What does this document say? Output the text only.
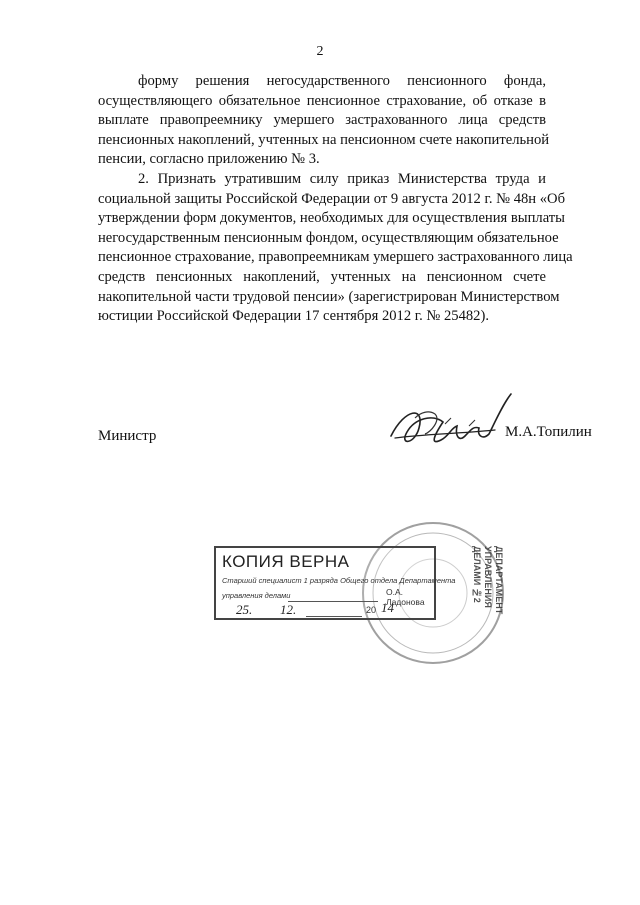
2
форму решения негосударственного пенсионного фонда,
осуществляющего обязательное пенсионное страхование, об отказе в
выплате правопреемнику умершего застрахованного лица средств
пенсионных накоплений, учтенных на пенсионном счете накопительной
пенсии, согласно приложению № 3.
2. Признать утратившим силу приказ Министерства труда и
социальной защиты Российской Федерации от 9 августа 2012 г. № 48н «Об
утверждении форм документов, необходимых для осуществления выплаты
негосударственным пенсионным фондом, осуществляющим обязательное
пенсионное страхование, правопреемникам умершего застрахованного лица
средств пенсионных накоплений, учтенных на пенсионном счете
накопительной части трудовой пенсии» (зарегистрирован Министерством
юстиции Российской Федерации 17 сентября 2012 г. № 25482).
Министр	М.А.Топилин
ДЕПАРТАМЕНТ УПРАВЛЕНИЯ ДЕЛАМИ №2
КОПИЯ ВЕРНА
Старший специалист 1 разряда Общего отдела Департамента
управления делами	О.А. Ладонова
25. 12.	20 14
